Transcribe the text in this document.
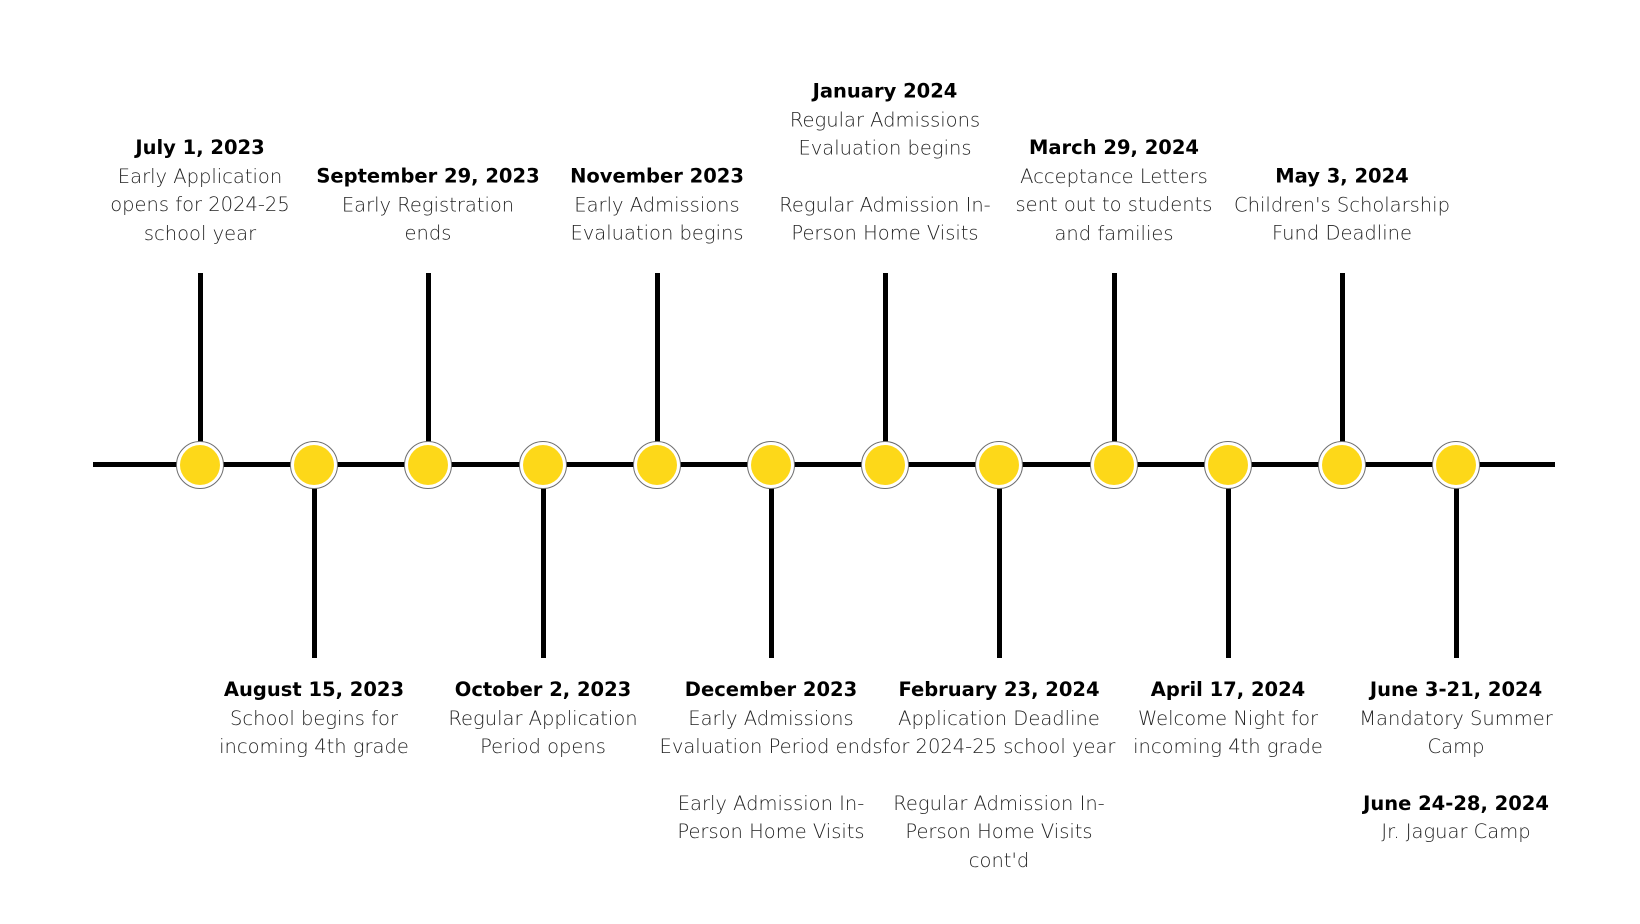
July 1, 2023
Early Application
opens for 2024-25
school year
August 15, 2023
School begins for
incoming 4th grade
September 29, 2023
Early Registration
ends
October 2, 2023
Regular Application
Period opens
November 2023
Early Admissions
Evaluation begins
December 2023
Early Admissions
Evaluation Period ends
Early Admission In-
Person Home Visits
January 2024
Regular Admissions
Evaluation begins
Regular Admission In-
Person Home Visits
February 23, 2024
Application Deadline
for 2024-25 school year
Regular Admission In-
Person Home Visits
cont'd
March 29, 2024
Acceptance Letters
sent out to students
and families
April 17, 2024
Welcome Night for
incoming 4th grade
May 3, 2024
Children's Scholarship
Fund Deadline
June 3-21, 2024
Mandatory Summer
Camp
June 24-28, 2024
Jr. Jaguar Camp
